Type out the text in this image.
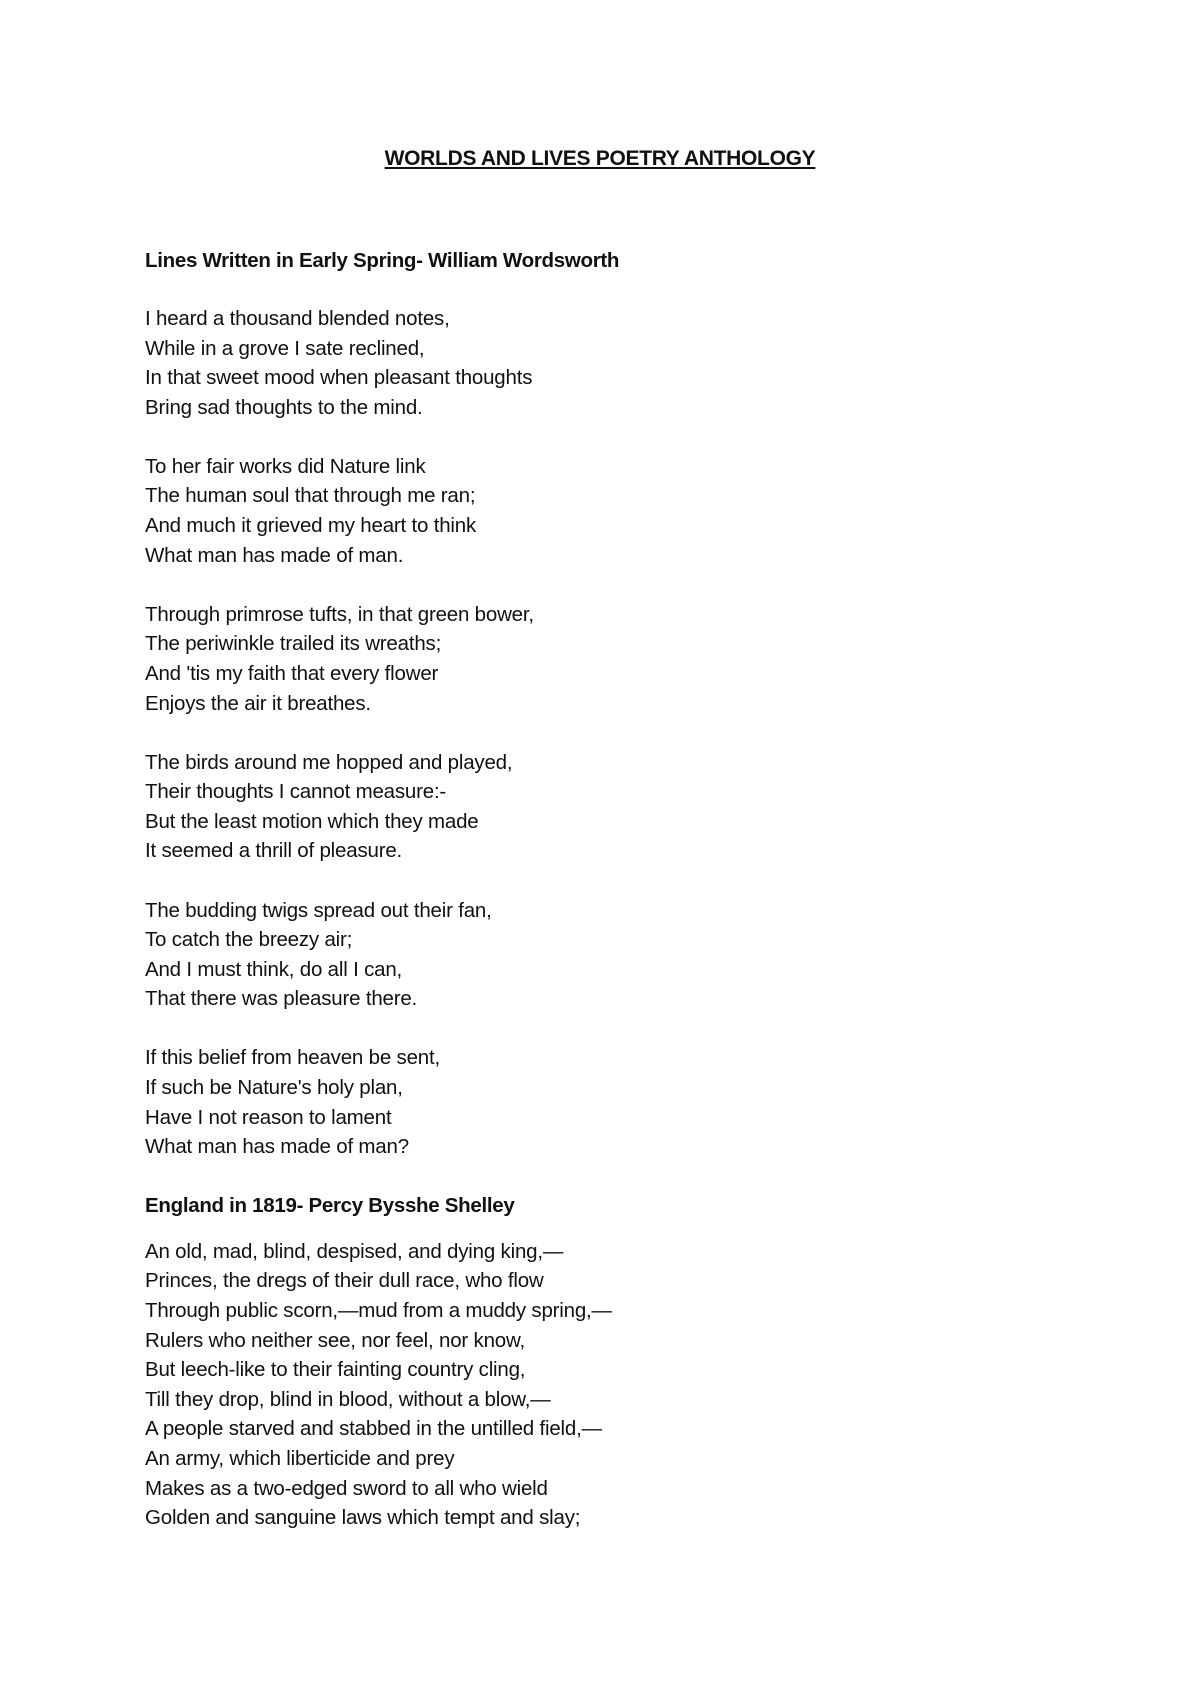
WORLDS AND LIVES POETRY ANTHOLOGY
Lines Written in Early Spring- William Wordsworth
I heard a thousand blended notes,
While in a grove I sate reclined,
In that sweet mood when pleasant thoughts
Bring sad thoughts to the mind.
To her fair works did Nature link
The human soul that through me ran;
And much it grieved my heart to think
What man has made of man.
Through primrose tufts, in that green bower,
The periwinkle trailed its wreaths;
And 'tis my faith that every flower
Enjoys the air it breathes.
The birds around me hopped and played,
Their thoughts I cannot measure:-
But the least motion which they made
It seemed a thrill of pleasure.
The budding twigs spread out their fan,
To catch the breezy air;
And I must think, do all I can,
That there was pleasure there.
If this belief from heaven be sent,
If such be Nature's holy plan,
Have I not reason to lament
What man has made of man?
England in 1819- Percy Bysshe Shelley
An old, mad, blind, despised, and dying king,—
Princes, the dregs of their dull race, who flow
Through public scorn,—mud from a muddy spring,—
Rulers who neither see, nor feel, nor know,
But leech-like to their fainting country cling,
Till they drop, blind in blood, without a blow,—
A people starved and stabbed in the untilled field,—
An army, which liberticide and prey
Makes as a two-edged sword to all who wield
Golden and sanguine laws which tempt and slay;
